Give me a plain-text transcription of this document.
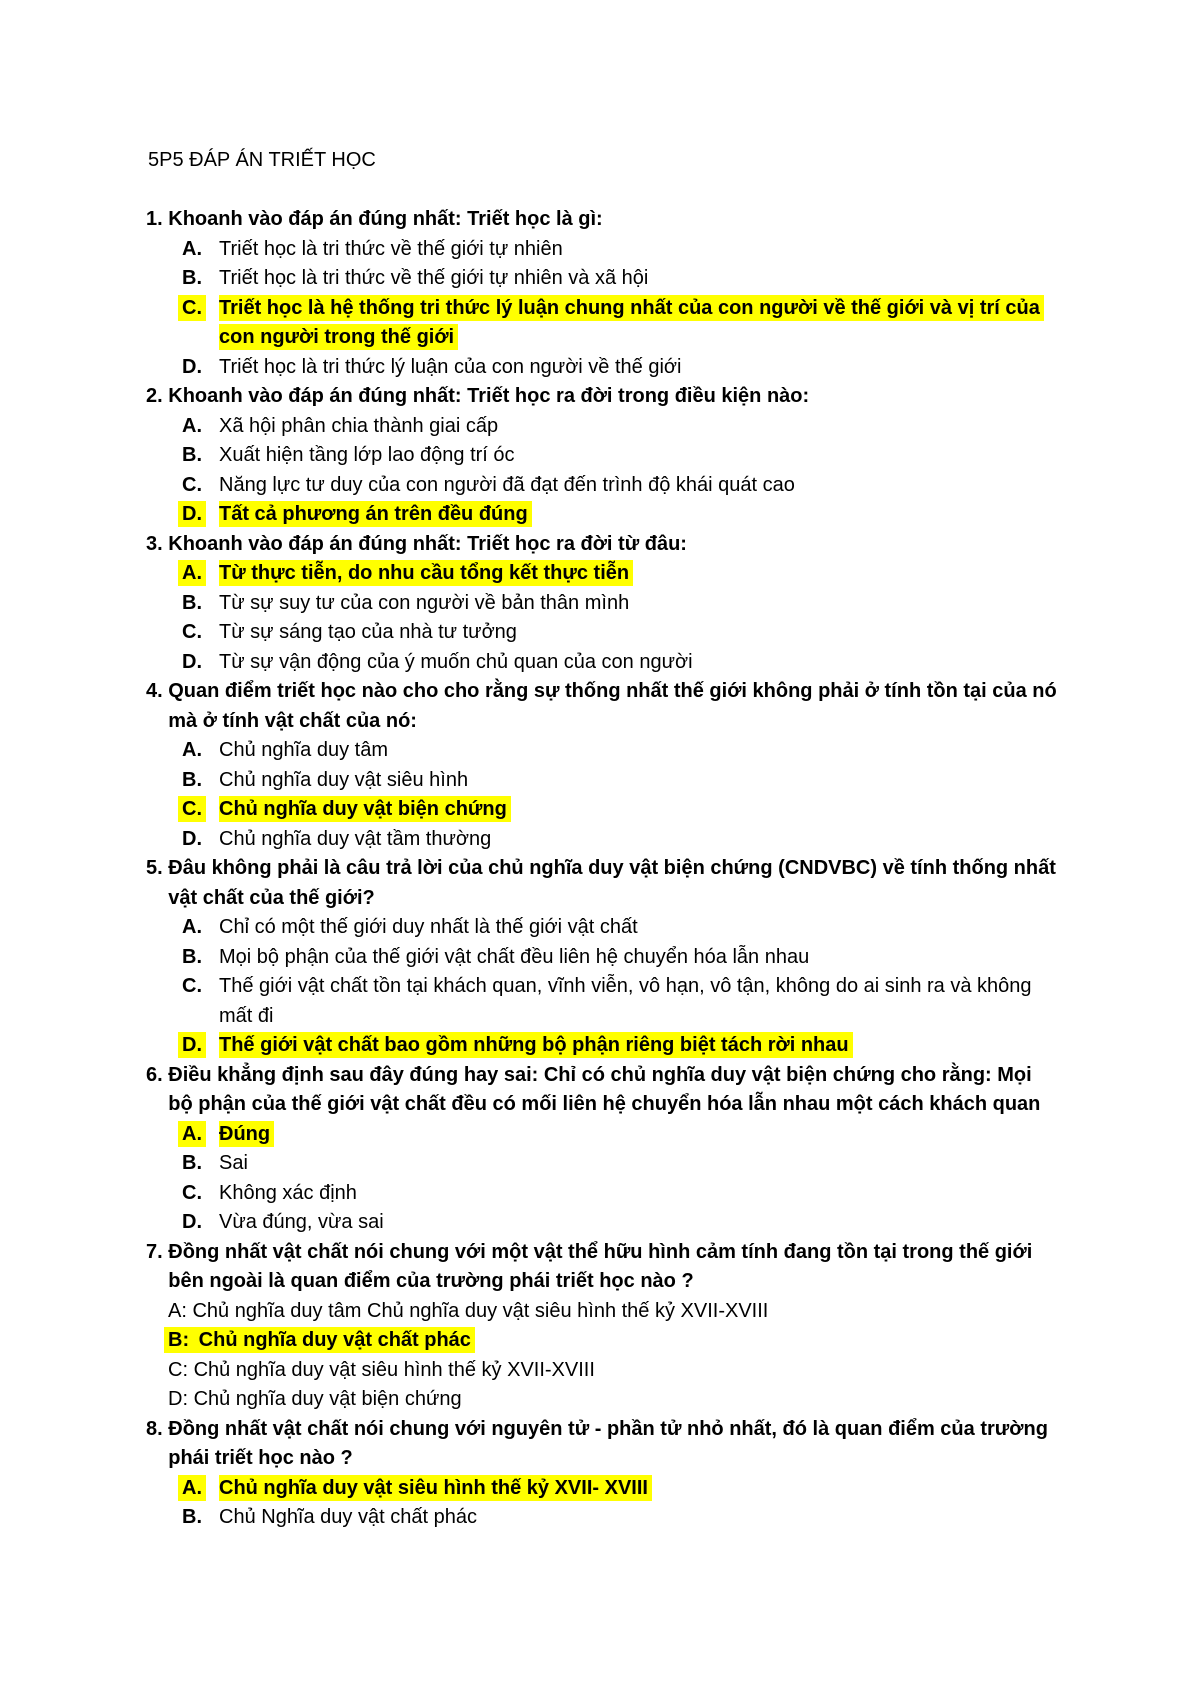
5P5 ĐÁP ÁN TRIẾT HỌC
1. Khoanh vào đáp án đúng nhất: Triết học là gì:
A. Triết học là tri thức về thế giới tự nhiên
B. Triết học là tri thức về thế giới tự nhiên và xã hội
C. Triết học là hệ thống tri thức lý luận chung nhất của con người về thế giới và vị trí của con người trong thế giới
D. Triết học là tri thức lý luận của con người về thế giới
2. Khoanh vào đáp án đúng nhất: Triết học ra đời trong điều kiện nào:
A. Xã hội phân chia thành giai cấp
B. Xuất hiện tầng lớp lao động trí óc
C. Năng lực tư duy của con người đã đạt đến trình độ khái quát cao
D. Tất cả phương án trên đều đúng
3. Khoanh vào đáp án đúng nhất: Triết học ra đời từ đâu:
A. Từ thực tiễn, do nhu cầu tổng kết thực tiễn
B. Từ sự suy tư của con người về bản thân mình
C. Từ sự sáng tạo của nhà tư tưởng
D. Từ sự vận động của ý muốn chủ quan của con người
4. Quan điểm triết học nào cho cho rằng sự thống nhất thế giới không phải ở tính tồn tại của nó mà ở tính vật chất của nó:
A. Chủ nghĩa duy tâm
B. Chủ nghĩa duy vật siêu hình
C. Chủ nghĩa duy vật biện chứng
D. Chủ nghĩa duy vật tầm thường
5. Đâu không phải là câu trả lời của chủ nghĩa duy vật biện chứng (CNDVBC) về tính thống nhất vật chất của thế giới?
A. Chỉ có một thế giới duy nhất là thế giới vật chất
B. Mọi bộ phận của thế giới vật chất đều liên hệ chuyển hóa lẫn nhau
C. Thế giới vật chất tồn tại khách quan, vĩnh viễn, vô hạn, vô tận, không do ai sinh ra và không mất đi
D. Thế giới vật chất bao gồm những bộ phận riêng biệt tách rời nhau
6. Điều khẳng định sau đây đúng hay sai: Chỉ có chủ nghĩa duy vật biện chứng cho rằng: Mọi bộ phận của thế giới vật chất đều có mối liên hệ chuyển hóa lẫn nhau một cách khách quan
A. Đúng
B. Sai
C. Không xác định
D. Vừa đúng, vừa sai
7. Đồng nhất vật chất nói chung với một vật thể hữu hình cảm tính đang tồn tại trong thế giới bên ngoài là quan điểm của trường phái triết học nào ?
A: Chủ nghĩa duy tâm Chủ nghĩa duy vật siêu hình thế kỷ XVII-XVIII
B: Chủ nghĩa duy vật chất phác
C: Chủ nghĩa duy vật siêu hình thế kỷ XVII-XVIII
D: Chủ nghĩa duy vật biện chứng
8. Đồng nhất vật chất nói chung với nguyên tử - phần tử nhỏ nhất, đó là quan điểm của trường phái triết học nào ?
A. Chủ nghĩa duy vật siêu hình thế kỷ XVII- XVIII
B. Chủ Nghĩa duy vật chất phác
